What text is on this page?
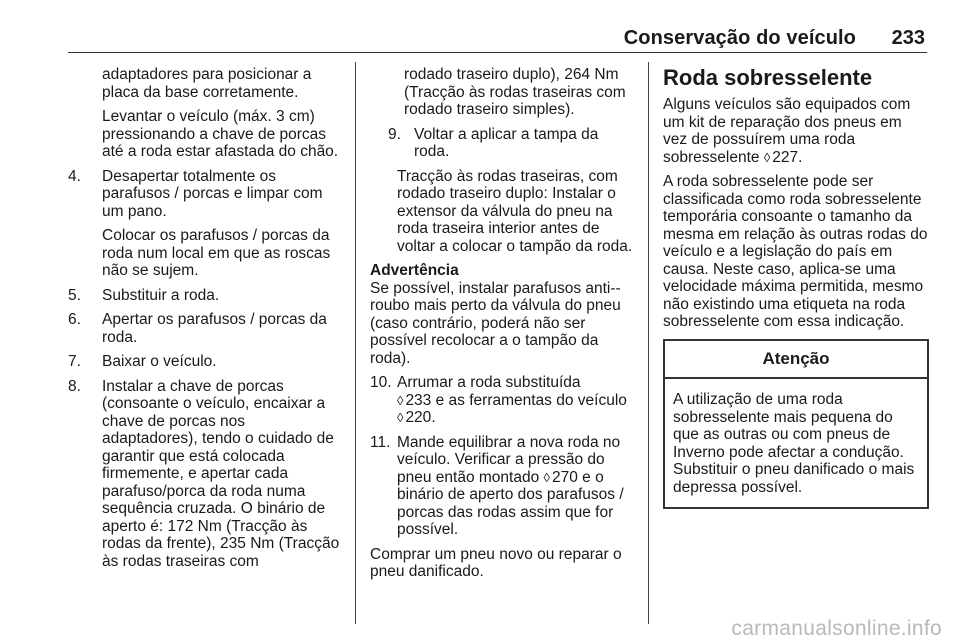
Conservação do veículo 233

adaptadores para posicionar a placa da base corretamente.

Levantar o veículo (máx. 3 cm) pressionando a chave de porcas até a roda estar afastada do chão.

4.	Desapertar totalmente os parafusos / porcas e limpar com um pano.

Colocar os parafusos / porcas da roda num local em que as roscas não se sujem.

5.	Substituir a roda.
6.	Apertar os parafusos / porcas da roda.
7.	Baixar o veículo.
8.	Instalar a chave de porcas (consoante o veículo, encaixar a chave de porcas nos adaptadores), tendo o cuidado de garantir que está colocada firmemente, e apertar cada parafuso/porca da roda numa sequência cruzada. O binário de aperto é: 172 Nm (Tracção às rodas da frente), 235 Nm (Tracção às rodas traseiras com

rodado traseiro duplo), 264 Nm (Tracção às rodas traseiras com rodado traseiro simples).

9. Voltar a aplicar a tampa da roda.

Tracção às rodas traseiras, com rodado traseiro duplo: Instalar o extensor da válvula do pneu na roda traseira interior antes de voltar a colocar o tampão da roda.

Advertência

Se possível, instalar parafusos anti--roubo mais perto da válvula do pneu (caso contrário, poderá não ser possível recolocar a o tampão da roda).

10. Arrumar a roda substituída
◊ 233 e as ferramentas do veículo ◊ 220.
11. Mande equilibrar a nova roda no veículo. Verificar a pressão do pneu então montado ◊ 270 e o binário de aperto dos parafusos / porcas das rodas assim que for possível.

Comprar um pneu novo ou reparar o pneu danificado.

Roda sobresselente

Alguns veículos são equipados com um kit de reparação dos pneus em vez de possuírem uma roda sobresselente ◊ 227.

A roda sobresselente pode ser classificada como roda sobresselente temporária consoante o tamanho da mesma em relação às outras rodas do veículo e a legislação do país em causa. Neste caso, aplica-se uma velocidade máxima permitida, mesmo não existindo uma etiqueta na roda sobresselente com essa indicação.

Atenção
A utilização de uma roda sobresselente mais pequena do que as outras ou com pneus de Inverno pode afectar a condução. Substituir o pneu danificado o mais depressa possível.
carmanualsonline.info
